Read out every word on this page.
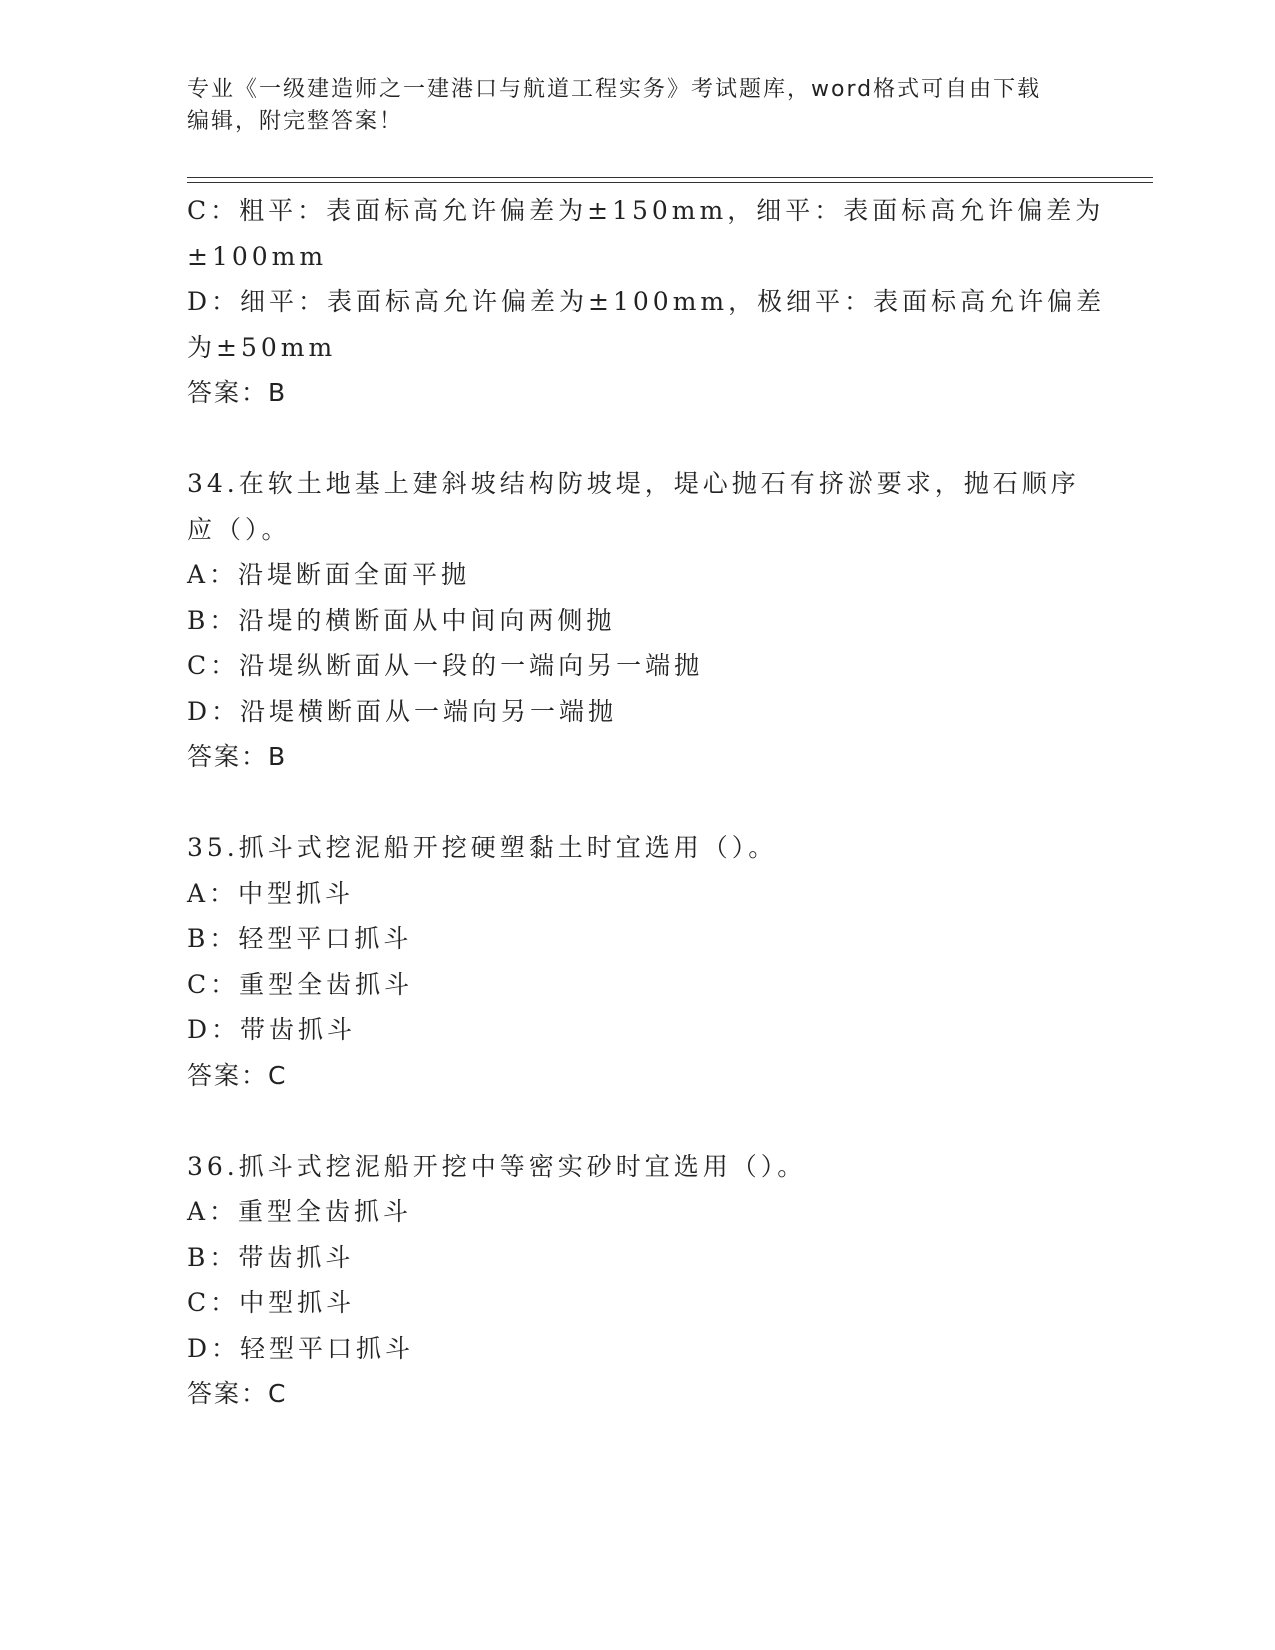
专业《一级建造师之一建港口与航道工程实务》考试题库，word格式可自由下载
编辑，附完整答案！
C：粗平：表面标高允许偏差为±150mm，细平：表面标高允许偏差为
±100mm
D：细平：表面标高允许偏差为±100mm，极细平：表面标高允许偏差
为±50mm
答案：B
34.在软土地基上建斜坡结构防坡堤，堤心抛石有挤淤要求，抛石顺序
应（）。
A：沿堤断面全面平抛
B：沿堤的横断面从中间向两侧抛
C：沿堤纵断面从一段的一端向另一端抛
D：沿堤横断面从一端向另一端抛
答案：B
35.抓斗式挖泥船开挖硬塑黏土时宜选用（）。
A：中型抓斗
B：轻型平口抓斗
C：重型全齿抓斗
D：带齿抓斗
答案：C
36.抓斗式挖泥船开挖中等密实砂时宜选用（）。
A：重型全齿抓斗
B：带齿抓斗
C：中型抓斗
D：轻型平口抓斗
答案：C
